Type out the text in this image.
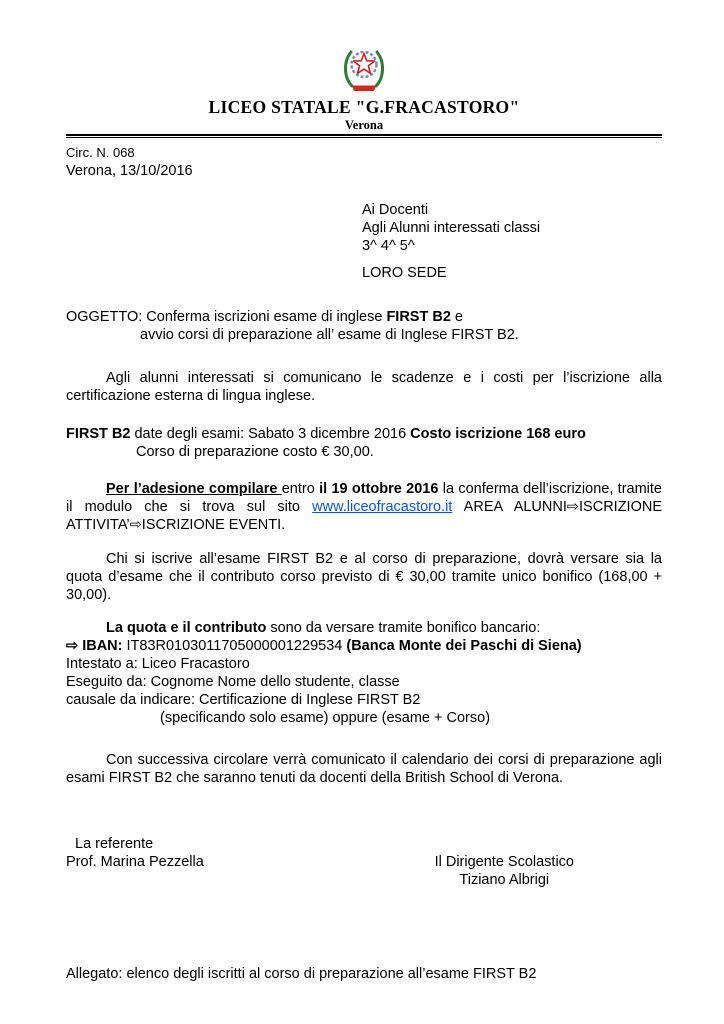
LICEO STATALE "G.FRACASTORO"
Verona
Circ. N. 068
Verona, 13/10/2016
Ai Docenti
Agli Alunni interessati classi
3^ 4^ 5^
LORO SEDE

OGGETTO: Conferma iscrizioni esame di inglese FIRST B2 e
avvio corsi di preparazione all’ esame di Inglese FIRST B2.

Agli alunni interessati si comunicano le scadenze e i costi per l’iscrizione alla certificazione esterna di lingua inglese.

FIRST B2 date degli esami: Sabato 3 dicembre 2016 Costo iscrizione 168 euro
Corso di preparazione costo € 30,00.

Per l’adesione compilare entro il 19 ottobre 2016 la conferma dell’iscrizione, tramite il modulo che si trova sul sito www.liceofracastoro.it AREA ALUNNI⇨ISCRIZIONE ATTIVITA’⇨ISCRIZIONE EVENTI.

Chi si iscrive all’esame FIRST B2 e al corso di preparazione, dovrà versare sia la quota d’esame che il contributo corso previsto di € 30,00 tramite unico bonifico (168,00 + 30,00).

La quota e il contributo sono da versare tramite bonifico bancario:

⇨ IBAN: IT83R0103011705000001229534 (Banca Monte dei Paschi di Siena)

Intestato a: Liceo Fracastoro

Eseguito da: Cognome Nome dello studente, classe

causale da indicare: Certificazione di Inglese FIRST B2

(specificando solo esame) oppure (esame + Corso)

Con successiva circolare verrà comunicato il calendario dei corsi di preparazione agli esami FIRST B2 che saranno tenuti da docenti della British School di Verona.

La referente
Prof. Marina Pezzella	Il Dirigente Scolastico
Tiziano Albrigi

Allegato: elenco degli iscritti al corso di preparazione all’esame FIRST B2
